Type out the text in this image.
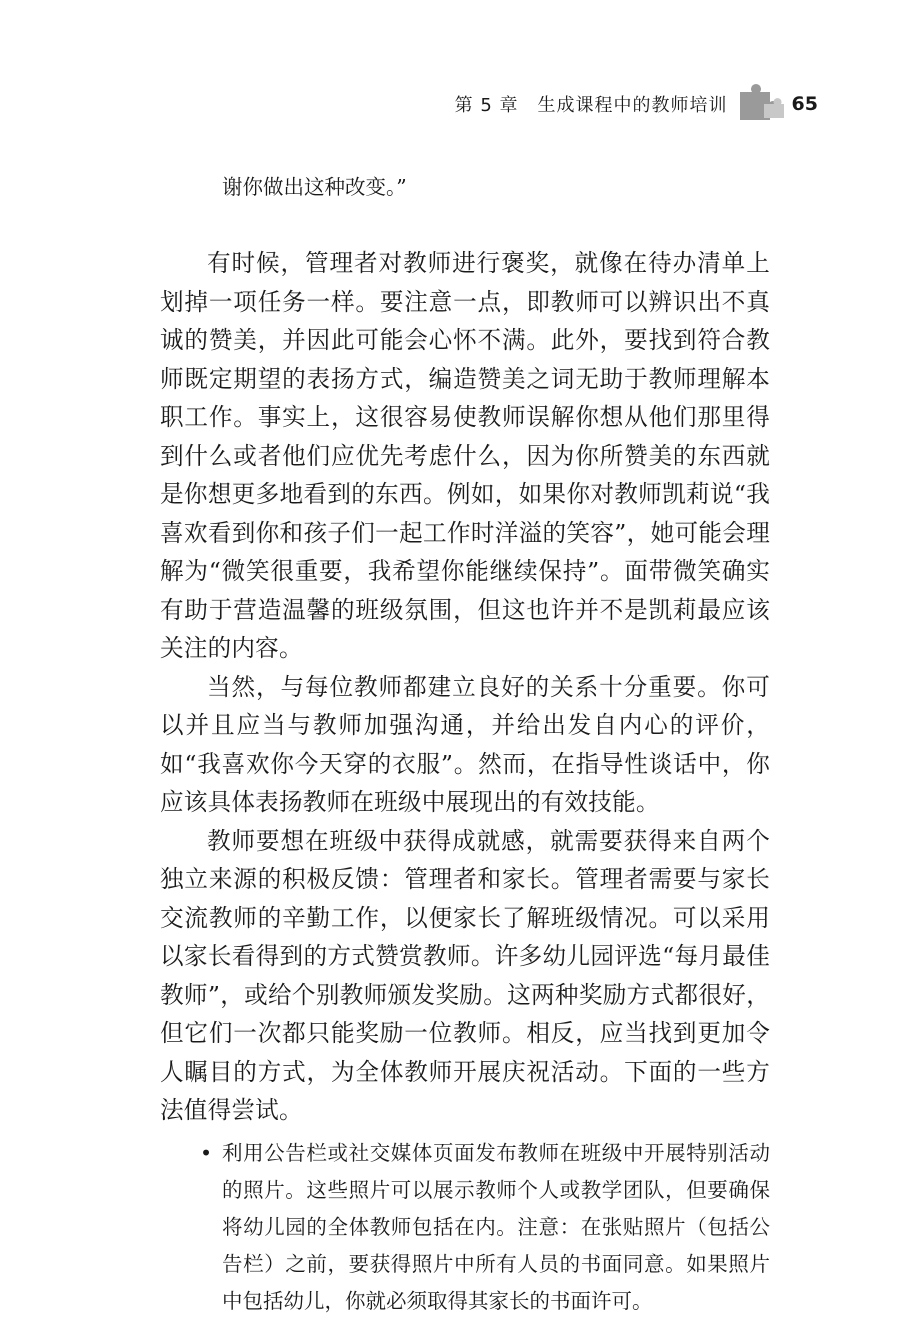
第 5 章　生成课程中的教师培训	65

谢你做出这种改变。”

有时候，管理者对教师进行褒奖，就像在待办清单上划掉一项任务一样。要注意一点，即教师可以辨识出不真诚的赞美，并因此可能会心怀不满。此外，要找到符合教师既定期望的表扬方式，编造赞美之词无助于教师理解本职工作。事实上，这很容易使教师误解你想从他们那里得到什么或者他们应优先考虑什么，因为你所赞美的东西就是你想更多地看到的东西。例如，如果你对教师凯莉说“我喜欢看到你和孩子们一起工作时洋溢的笑容”，她可能会理解为“微笑很重要，我希望你能继续保持”。面带微笑确实有助于营造温馨的班级氛围，但这也许并不是凯莉最应该关注的内容。

当然，与每位教师都建立良好的关系十分重要。你可以并且应当与教师加强沟通，并给出发自内心的评价，如“我喜欢你今天穿的衣服”。然而，在指导性谈话中，你应该具体表扬教师在班级中展现出的有效技能。

教师要想在班级中获得成就感，就需要获得来自两个独立来源的积极反馈：管理者和家长。管理者需要与家长交流教师的辛勤工作，以便家长了解班级情况。可以采用以家长看得到的方式赞赏教师。许多幼儿园评选“每月最佳教师”，或给个别教师颁发奖励。这两种奖励方式都很好，但它们一次都只能奖励一位教师。相反，应当找到更加令人瞩目的方式，为全体教师开展庆祝活动。下面的一些方法值得尝试。

• 利用公告栏或社交媒体页面发布教师在班级中开展特别活动的照片。这些照片可以展示教师个人或教学团队，但要确保将幼儿园的全体教师包括在内。注意：在张贴照片（包括公告栏）之前，要获得照片中所有人员的书面同意。如果照片中包括幼儿，你就必须取得其家长的书面许可。
